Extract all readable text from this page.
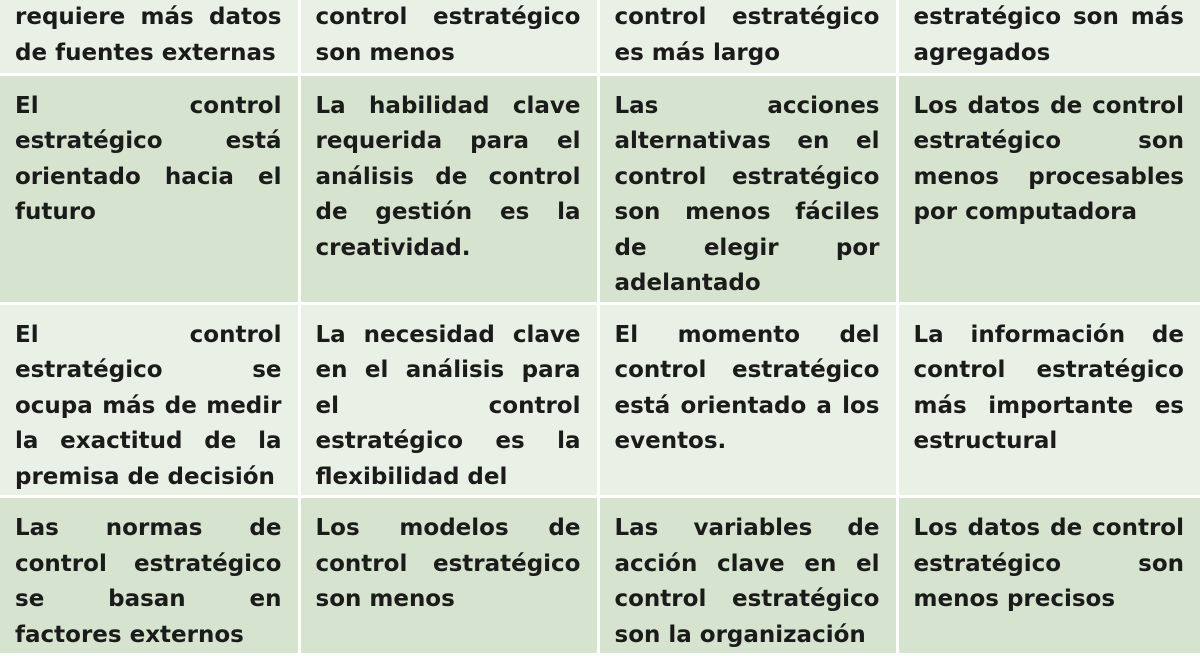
requiere más datos de fuentes externas	control estratégico son menos	control estratégico es más largo	estratégico son más agregados

El control estratégico está orientado hacia el futuro	La habilidad clave requerida para el análisis de control de gestión es la creatividad.	Las acciones alternativas en el control estratégico son menos fáciles de elegir por adelantado	Los datos de control estratégico son menos procesables por computadora

El control estratégico se ocupa más de medir la exactitud de la premisa de decisión	La necesidad clave en el análisis para el control estratégico es la flexibilidad del	El momento del control estratégico está orientado a los eventos.	La información de control estratégico más importante es estructural

Las normas de control estratégico se basan en factores externos	Los modelos de control estratégico son menos	Las variables de acción clave en el control estratégico son la organización	Los datos de control estratégico son menos precisos
